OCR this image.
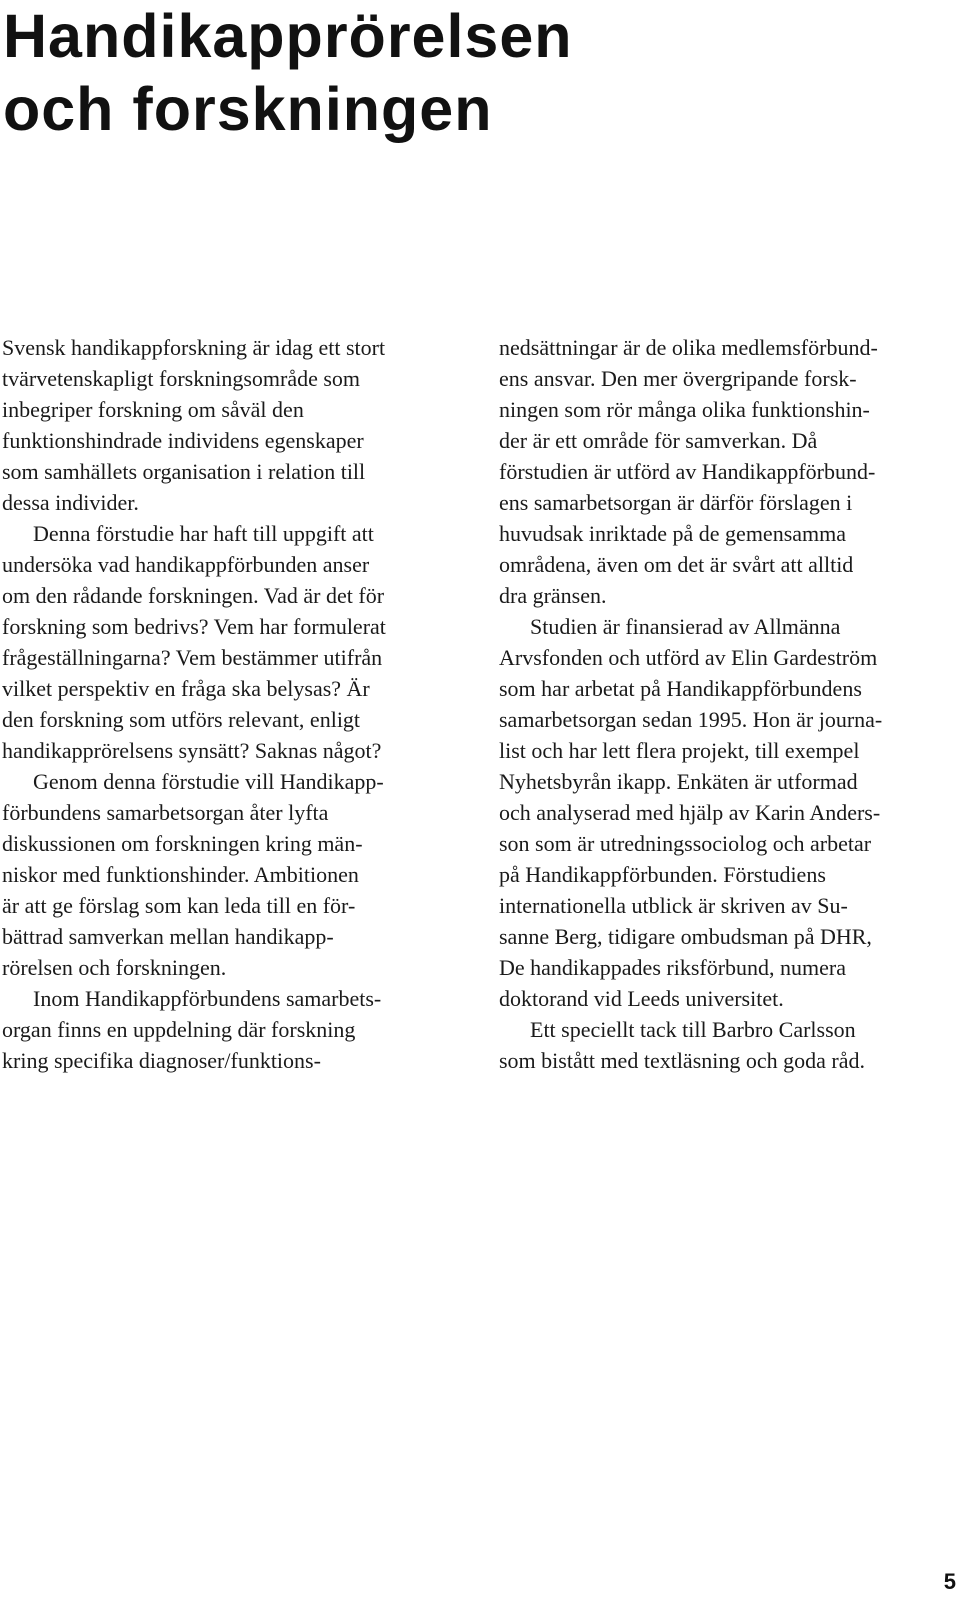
Handikapprörelsen
och forskningen
Svensk handikappforskning är idag ett stort
tvärvetenskapligt forskningsområde som
inbegriper forskning om såväl den
funktionshindrade individens egenskaper
som samhällets organisation i relation till
dessa individer.
Denna förstudie har haft till uppgift att
undersöka vad handikappförbunden anser
om den rådande forskningen. Vad är det för
forskning som bedrivs? Vem har formulerat
frågeställningarna? Vem bestämmer utifrån
vilket perspektiv en fråga ska belysas? Är
den forskning som utförs relevant, enligt
handikapprörelsens synsätt? Saknas något?
Genom denna förstudie vill Handikapp-
förbundens samarbetsorgan åter lyfta
diskussionen om forskningen kring män-
niskor med funktionshinder. Ambitionen
är att ge förslag som kan leda till en för-
bättrad samverkan mellan handikapp-
rörelsen och forskningen.
Inom Handikappförbundens samarbets-
organ finns en uppdelning där forskning
kring specifika diagnoser/funktions-
nedsättningar är de olika medlemsförbund-
ens ansvar. Den mer övergripande forsk-
ningen som rör många olika funktionshin-
der är ett område för samverkan. Då
förstudien är utförd av Handikappförbund-
ens samarbetsorgan är därför förslagen i
huvudsak inriktade på de gemensamma
områdena, även om det är svårt att alltid
dra gränsen.
Studien är finansierad av Allmänna
Arvsfonden och utförd av Elin Gardeström
som har arbetat på Handikappförbundens
samarbetsorgan sedan 1995. Hon är journa-
list och har lett flera projekt, till exempel
Nyhetsbyrån ikapp. Enkäten är utformad
och analyserad med hjälp av Karin Anders-
son som är utredningssociolog och arbetar
på Handikappförbunden. Förstudiens
internationella utblick är skriven av Su-
sanne Berg, tidigare ombudsman på DHR,
De handikappades riksförbund, numera
doktorand vid Leeds universitet.
Ett speciellt tack till Barbro Carlsson
som bistått med textläsning och goda råd.
5
